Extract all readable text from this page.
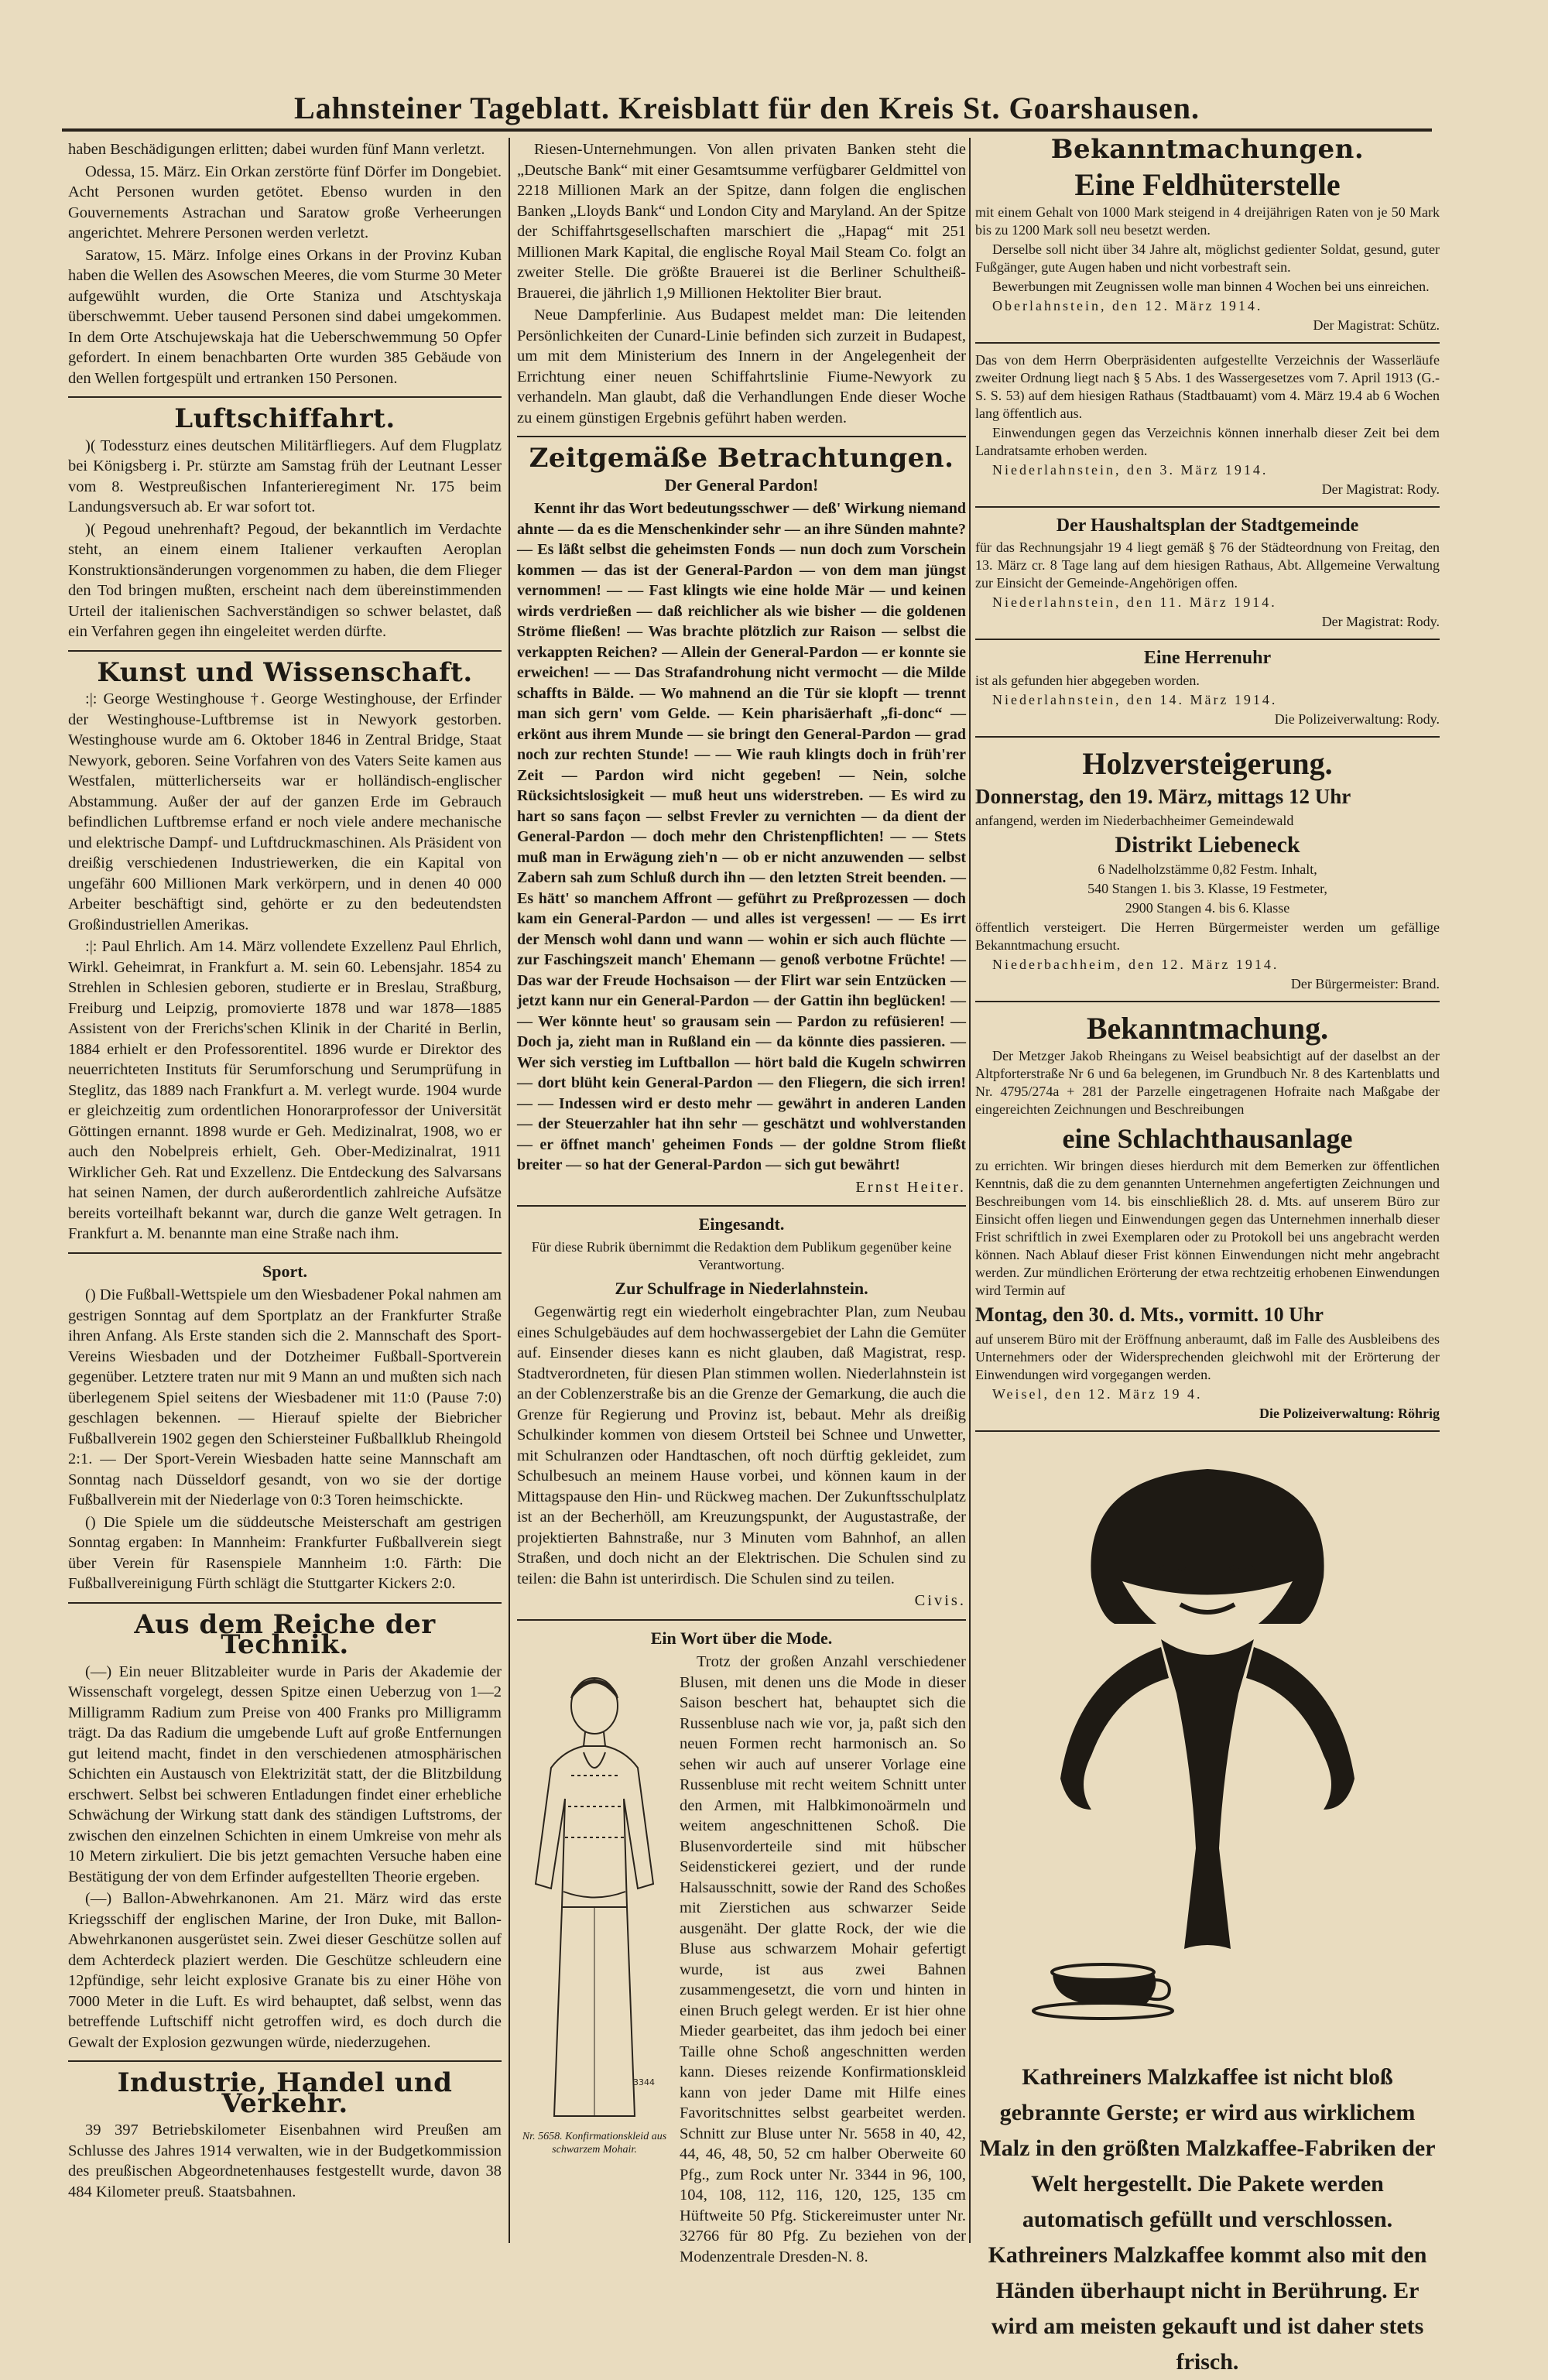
Lahnsteiner Tageblatt. Kreisblatt für den Kreis St. Goarshausen.

haben Beschädigungen erlitten; dabei wurden fünf Mann verletzt.

Odessa, 15. März. Ein Orkan zerstörte fünf Dörfer im Dongebiet. Acht Personen wurden getötet. Ebenso wurden in den Gouvernements Astrachan und Saratow große Verheerungen angerichtet. Mehrere Personen werden verletzt.

Saratow, 15. März. Infolge eines Orkans in der Provinz Kuban haben die Wellen des Asowschen Meeres, die vom Sturme 30 Meter aufgewühlt wurden, die Orte Staniza und Atschtyskaja überschwemmt. Ueber tausend Personen sind dabei umgekommen. In dem Orte Atschujewskaja hat die Ueberschwemmung 50 Opfer gefordert. In einem benachbarten Orte wurden 385 Gebäude von den Wellen fortgespült und ertranken 150 Personen.

Luftschiffahrt.

)( Todessturz eines deutschen Militärfliegers. Auf dem Flugplatz bei Königsberg i. Pr. stürzte am Samstag früh der Leutnant Lesser vom 8. Westpreußischen Infanterieregiment Nr. 175 beim Landungsversuch ab. Er war sofort tot.

)( Pegoud unehrenhaft? Pegoud, der bekanntlich im Verdachte steht, an einem einem Italiener verkauften Aeroplan Konstruktionsänderungen vorgenommen zu haben, die dem Flieger den Tod bringen mußten, erscheint nach dem übereinstimmenden Urteil der italienischen Sachverständigen so schwer belastet, daß ein Verfahren gegen ihn eingeleitet werden dürfte.

Kunst und Wissenschaft.

:|: George Westinghouse †. George Westinghouse, der Erfinder der Westinghouse-Luftbremse ist in Newyork gestorben. Westinghouse wurde am 6. Oktober 1846 in Zentral Bridge, Staat Newyork, geboren. Seine Vorfahren von des Vaters Seite kamen aus Westfalen, mütterlicherseits war er holländisch-englischer Abstammung. Außer der auf der ganzen Erde im Gebrauch befindlichen Luftbremse erfand er noch viele andere mechanische und elektrische Dampf- und Luftdruckmaschinen. Als Präsident von dreißig verschiedenen Industriewerken, die ein Kapital von ungefähr 600 Millionen Mark verkörpern, und in denen 40 000 Arbeiter beschäftigt sind, gehörte er zu den bedeutendsten Großindustriellen Amerikas.

:|: Paul Ehrlich. Am 14. März vollendete Exzellenz Paul Ehrlich, Wirkl. Geheimrat, in Frankfurt a. M. sein 60. Lebensjahr. 1854 zu Strehlen in Schlesien geboren, studierte er in Breslau, Straßburg, Freiburg und Leipzig, promovierte 1878 und war 1878—1885 Assistent von der Frerichs'schen Klinik in der Charité in Berlin, 1884 erhielt er den Professorentitel. 1896 wurde er Direktor des neuerrichteten Instituts für Serumforschung und Serumprüfung in Steglitz, das 1889 nach Frankfurt a. M. verlegt wurde. 1904 wurde er gleichzeitig zum ordentlichen Honorarprofessor der Universität Göttingen ernannt. 1898 wurde er Geh. Medizinalrat, 1908, wo er auch den Nobelpreis erhielt, Geh. Ober-Medizinalrat, 1911 Wirklicher Geh. Rat und Exzellenz. Die Entdeckung des Salvarsans hat seinen Namen, der durch außerordentlich zahlreiche Aufsätze bereits vorteilhaft bekannt war, durch die ganze Welt getragen. In Frankfurt a. M. benannte man eine Straße nach ihm.

Sport.

() Die Fußball-Wettspiele um den Wiesbadener Pokal nahmen am gestrigen Sonntag auf dem Sportplatz an der Frankfurter Straße ihren Anfang. Als Erste standen sich die 2. Mannschaft des Sport-Vereins Wiesbaden und der Dotzheimer Fußball-Sportverein gegenüber. Letztere traten nur mit 9 Mann an und mußten sich nach überlegenem Spiel seitens der Wiesbadener mit 11:0 (Pause 7:0) geschlagen bekennen. — Hierauf spielte der Biebricher Fußballverein 1902 gegen den Schiersteiner Fußballklub Rheingold 2:1. — Der Sport-Verein Wiesbaden hatte seine Mannschaft am Sonntag nach Düsseldorf gesandt, von wo sie der dortige Fußballverein mit der Niederlage von 0:3 Toren heimschickte.

() Die Spiele um die süddeutsche Meisterschaft am gestrigen Sonntag ergaben: In Mannheim: Frankfurter Fußballverein siegt über Verein für Rasenspiele Mannheim 1:0. Färth: Die Fußballvereinigung Fürth schlägt die Stuttgarter Kickers 2:0.

Aus dem Reiche der Technik.

(—) Ein neuer Blitzableiter wurde in Paris der Akademie der Wissenschaft vorgelegt, dessen Spitze einen Ueberzug von 1—2 Milligramm Radium zum Preise von 400 Franks pro Milligramm trägt. Da das Radium die umgebende Luft auf große Entfernungen gut leitend macht, findet in den verschiedenen atmosphärischen Schichten ein Austausch von Elektrizität statt, der die Blitzbildung erschwert. Selbst bei schweren Entladungen findet einer erhebliche Schwächung der Wirkung statt dank des ständigen Luftstroms, der zwischen den einzelnen Schichten in einem Umkreise von mehr als 10 Metern zirkuliert. Die bis jetzt gemachten Versuche haben eine Bestätigung der von dem Erfinder aufgestellten Theorie ergeben.

(—) Ballon-Abwehrkanonen. Am 21. März wird das erste Kriegsschiff der englischen Marine, der Iron Duke, mit Ballon-Abwehrkanonen ausgerüstet sein. Zwei dieser Geschütze sollen auf dem Achterdeck plaziert werden. Die Geschütze schleudern eine 12pfündige, sehr leicht explosive Granate bis zu einer Höhe von 7000 Meter in die Luft. Es wird behauptet, daß selbst, wenn das betreffende Luftschiff nicht getroffen wird, es doch durch die Gewalt der Explosion gezwungen würde, niederzugehen.

Industrie, Handel und Verkehr.

39 397 Betriebskilometer Eisenbahnen wird Preußen am Schlusse des Jahres 1914 verwalten, wie in der Budgetkommission des preußischen Abgeordnetenhauses festgestellt wurde, davon 38 484 Kilometer preuß. Staatsbahnen.

Riesen-Unternehmungen. Von allen privaten Banken steht die „Deutsche Bank“ mit einer Gesamtsumme verfügbarer Geldmittel von 2218 Millionen Mark an der Spitze, dann folgen die englischen Banken „Lloyds Bank“ und London City and Maryland. An der Spitze der Schiffahrtsgesellschaften marschiert die „Hapag“ mit 251 Millionen Mark Kapital, die englische Royal Mail Steam Co. folgt an zweiter Stelle. Die größte Brauerei ist die Berliner Schultheiß-Brauerei, die jährlich 1,9 Millionen Hektoliter Bier braut.

Neue Dampferlinie. Aus Budapest meldet man: Die leitenden Persönlichkeiten der Cunard-Linie befinden sich zurzeit in Budapest, um mit dem Ministerium des Innern in der Angelegenheit der Errichtung einer neuen Schiffahrtslinie Fiume-Newyork zu verhandeln. Man glaubt, daß die Verhandlungen Ende dieser Woche zu einem günstigen Ergebnis geführt haben werden.

Zeitgemäße Betrachtungen.
Der General Pardon!

Kennt ihr das Wort bedeutungsschwer — deß' Wirkung niemand ahnte — da es die Menschenkinder sehr — an ihre Sünden mahnte? — Es läßt selbst die geheimsten Fonds — nun doch zum Vorschein kommen — das ist der General-Pardon — von dem man jüngst vernommen! — — Fast klingts wie eine holde Mär — und keinen wirds verdrießen — daß reichlicher als wie bisher — die goldenen Ströme fließen! — Was brachte plötzlich zur Raison — selbst die verkappten Reichen? — Allein der General-Pardon — er konnte sie erweichen! — — Das Strafandrohung nicht vermocht — die Milde schaffts in Bälde. — Wo mahnend an die Tür sie klopft — trennt man sich gern' vom Gelde. — Kein pharisäerhaft „fi-donc“ — erkönt aus ihrem Munde — sie bringt den General-Pardon — grad noch zur rechten Stunde! — — Wie rauh klingts doch in früh'rer Zeit — Pardon wird nicht gegeben! — Nein, solche Rücksichtslosigkeit — muß heut uns widerstreben. — Es wird zu hart so sans façon — selbst Frevler zu vernichten — da dient der General-Pardon — doch mehr den Christenpflichten! — — Stets muß man in Erwägung zieh'n — ob er nicht anzuwenden — selbst Zabern sah zum Schluß durch ihn — den letzten Streit beenden. — Es hätt' so manchem Affront — geführt zu Preßprozessen — doch kam ein General-Pardon — und alles ist vergessen! — — Es irrt der Mensch wohl dann und wann — wohin er sich auch flüchte — zur Faschingszeit manch' Ehemann — genoß verbotne Früchte! — Das war der Freude Hochsaison — der Flirt war sein Entzücken — jetzt kann nur ein General-Pardon — der Gattin ihn beglücken! — — Wer könnte heut' so grausam sein — Pardon zu refüsieren! — Doch ja, zieht man in Rußland ein — da könnte dies passieren. — Wer sich verstieg im Luftballon — hört bald die Kugeln schwirren — dort blüht kein General-Pardon — den Fliegern, die sich irren! — — Indessen wird er desto mehr — gewährt in anderen Landen — der Steuerzahler hat ihn sehr — geschätzt und wohlverstanden — er öffnet manch' geheimen Fonds — der goldne Strom fließt breiter — so hat der General-Pardon — sich gut bewährt!

Ernst Heiter.

Eingesandt.

Für diese Rubrik übernimmt die Redaktion dem Publikum gegenüber keine Verantwortung.

Zur Schulfrage in Niederlahnstein.

Gegenwärtig regt ein wiederholt eingebrachter Plan, zum Neubau eines Schulgebäudes auf dem hochwassergebiet der Lahn die Gemüter auf. Einsender dieses kann es nicht glauben, daß Magistrat, resp. Stadtverordneten, für diesen Plan stimmen wollen. Niederlahnstein ist an der Coblenzerstraße bis an die Grenze der Gemarkung, die auch die Grenze für Regierung und Provinz ist, bebaut. Mehr als dreißig Schulkinder kommen von diesem Ortsteil bei Schnee und Unwetter, mit Schulranzen oder Handtaschen, oft noch dürftig gekleidet, zum Schulbesuch an meinem Hause vorbei, und können kaum in der Mittagspause den Hin- und Rückweg machen. Der Zukunftsschulplatz ist an der Becherhöll, am Kreuzungspunkt, der Augustastraße, der projektierten Bahnstraße, nur 3 Minuten vom Bahnhof, an allen Straßen, und doch nicht an der Elektrischen. Die Schulen sind zu teilen: die Bahn ist unterirdisch. Die Schulen sind zu teilen.

Civis.

Ein Wort über die Mode.
3344
Nr. 5658. Konfirmationskleid aus schwarzem Mohair.

Trotz der großen Anzahl verschiedener Blusen, mit denen uns die Mode in dieser Saison beschert hat, behauptet sich die Russenbluse nach wie vor, ja, paßt sich den neuen Formen recht harmonisch an. So sehen wir auch auf unserer Vorlage eine Russenbluse mit recht weitem Schnitt unter den Armen, mit Halbkimonoärmeln und weitem angeschnittenen Schoß. Die Blusenvorderteile sind mit hübscher Seidenstickerei geziert, und der runde Halsausschnitt, sowie der Rand des Schoßes mit Zierstichen aus schwarzer Seide ausgenäht. Der glatte Rock, der wie die Bluse aus schwarzem Mohair gefertigt wurde, ist aus zwei Bahnen zusammengesetzt, die vorn und hinten in einen Bruch gelegt werden. Er ist hier ohne Mieder gearbeitet, das ihm jedoch bei einer Taille ohne Schoß angeschnitten werden kann. Dieses reizende Konfirmationskleid kann von jeder Dame mit Hilfe eines Favoritschnittes selbst gearbeitet werden. Schnitt zur Bluse unter Nr. 5658 in 40, 42, 44, 46, 48, 50, 52 cm halber Oberweite 60 Pfg., zum Rock unter Nr. 3344 in 96, 100, 104, 108, 112, 116, 120, 125, 135 cm Hüftweite 50 Pfg. Stickereimuster unter Nr. 32766 für 80 Pfg. Zu beziehen von der Modenzentrale Dresden-N. 8.

Bekanntmachungen.
Eine Feldhüterstelle

mit einem Gehalt von 1000 Mark steigend in 4 dreijährigen Raten von je 50 Mark bis zu 1200 Mark soll neu besetzt werden.

Derselbe soll nicht über 34 Jahre alt, möglichst gedienter Soldat, gesund, guter Fußgänger, gute Augen haben und nicht vorbestraft sein.

Bewerbungen mit Zeugnissen wolle man binnen 4 Wochen bei uns einreichen.

Oberlahnstein, den 12. März 1914.

Der Magistrat: Schütz.

Das von dem Herrn Oberpräsidenten aufgestellte Verzeichnis der Wasserläufe zweiter Ordnung liegt nach § 5 Abs. 1 des Wassergesetzes vom 7. April 1913 (G.-S. S. 53) auf dem hiesigen Rathaus (Stadtbauamt) vom 4. März 19.4 ab 6 Wochen lang öffentlich aus.

Einwendungen gegen das Verzeichnis können innerhalb dieser Zeit bei dem Landratsamte erhoben werden.

Niederlahnstein, den 3. März 1914.

Der Magistrat: Rody.

Der Haushaltsplan der Stadtgemeinde

für das Rechnungsjahr 19 4 liegt gemäß § 76 der Städteordnung von Freitag, den 13. März cr. 8 Tage lang auf dem hiesigen Rathaus, Abt. Allgemeine Verwaltung zur Einsicht der Gemeinde-Angehörigen offen.

Niederlahnstein, den 11. März 1914.

Der Magistrat: Rody.

Eine Herrenuhr

ist als gefunden hier abgegeben worden.

Niederlahnstein, den 14. März 1914.

Die Polizeiverwaltung: Rody.

Holzversteigerung.

Donnerstag, den 19. März, mittags 12 Uhr

anfangend, werden im Niederbachheimer Gemeindewald

Distrikt Liebeneck

6 Nadelholzstämme 0,82 Festm. Inhalt,

540 Stangen 1. bis 3. Klasse, 19 Festmeter,

2900 Stangen 4. bis 6. Klasse

öffentlich versteigert. Die Herren Bürgermeister werden um gefällige Bekanntmachung ersucht.

Niederbachheim, den 12. März 1914.

Der Bürgermeister: Brand.

Bekanntmachung.

Der Metzger Jakob Rheingans zu Weisel beabsichtigt auf der daselbst an der Altpforterstraße Nr 6 und 6a belegenen, im Grundbuch Nr. 8 des Kartenblatts und Nr. 4795/274a + 281 der Parzelle eingetragenen Hofraite nach Maßgabe der eingereichten Zeichnungen und Beschreibungen

eine Schlachthausanlage

zu errichten. Wir bringen dieses hierdurch mit dem Bemerken zur öffentlichen Kenntnis, daß die zu dem genannten Unternehmen angefertigten Zeichnungen und Beschreibungen vom 14. bis einschließlich 28. d. Mts. auf unserem Büro zur Einsicht offen liegen und Einwendungen gegen das Unternehmen innerhalb dieser Frist schriftlich in zwei Exemplaren oder zu Protokoll bei uns angebracht werden können. Nach Ablauf dieser Frist können Einwendungen nicht mehr angebracht werden. Zur mündlichen Erörterung der etwa rechtzeitig erhobenen Einwendungen wird Termin auf

Montag, den 30. d. Mts., vormitt. 10 Uhr

auf unserem Büro mit der Eröffnung anberaumt, daß im Falle des Ausbleibens des Unternehmers oder der Widersprechenden gleichwohl mit der Erörterung der Einwendungen wird vorgegangen werden.

Weisel, den 12. März 19 4.

Die Polizeiverwaltung: Röhrig

Kathreiners Malzkaffee ist nicht bloß gebrannte Gerste; er wird aus wirklichem Malz in den größten Malzkaffee-Fabriken der Welt hergestellt. Die Pakete werden automatisch gefüllt und verschlossen. Kathreiners Malzkaffee kommt also mit den Händen überhaupt nicht in Berührung. Er wird am meisten gekauft und ist daher stets frisch.
